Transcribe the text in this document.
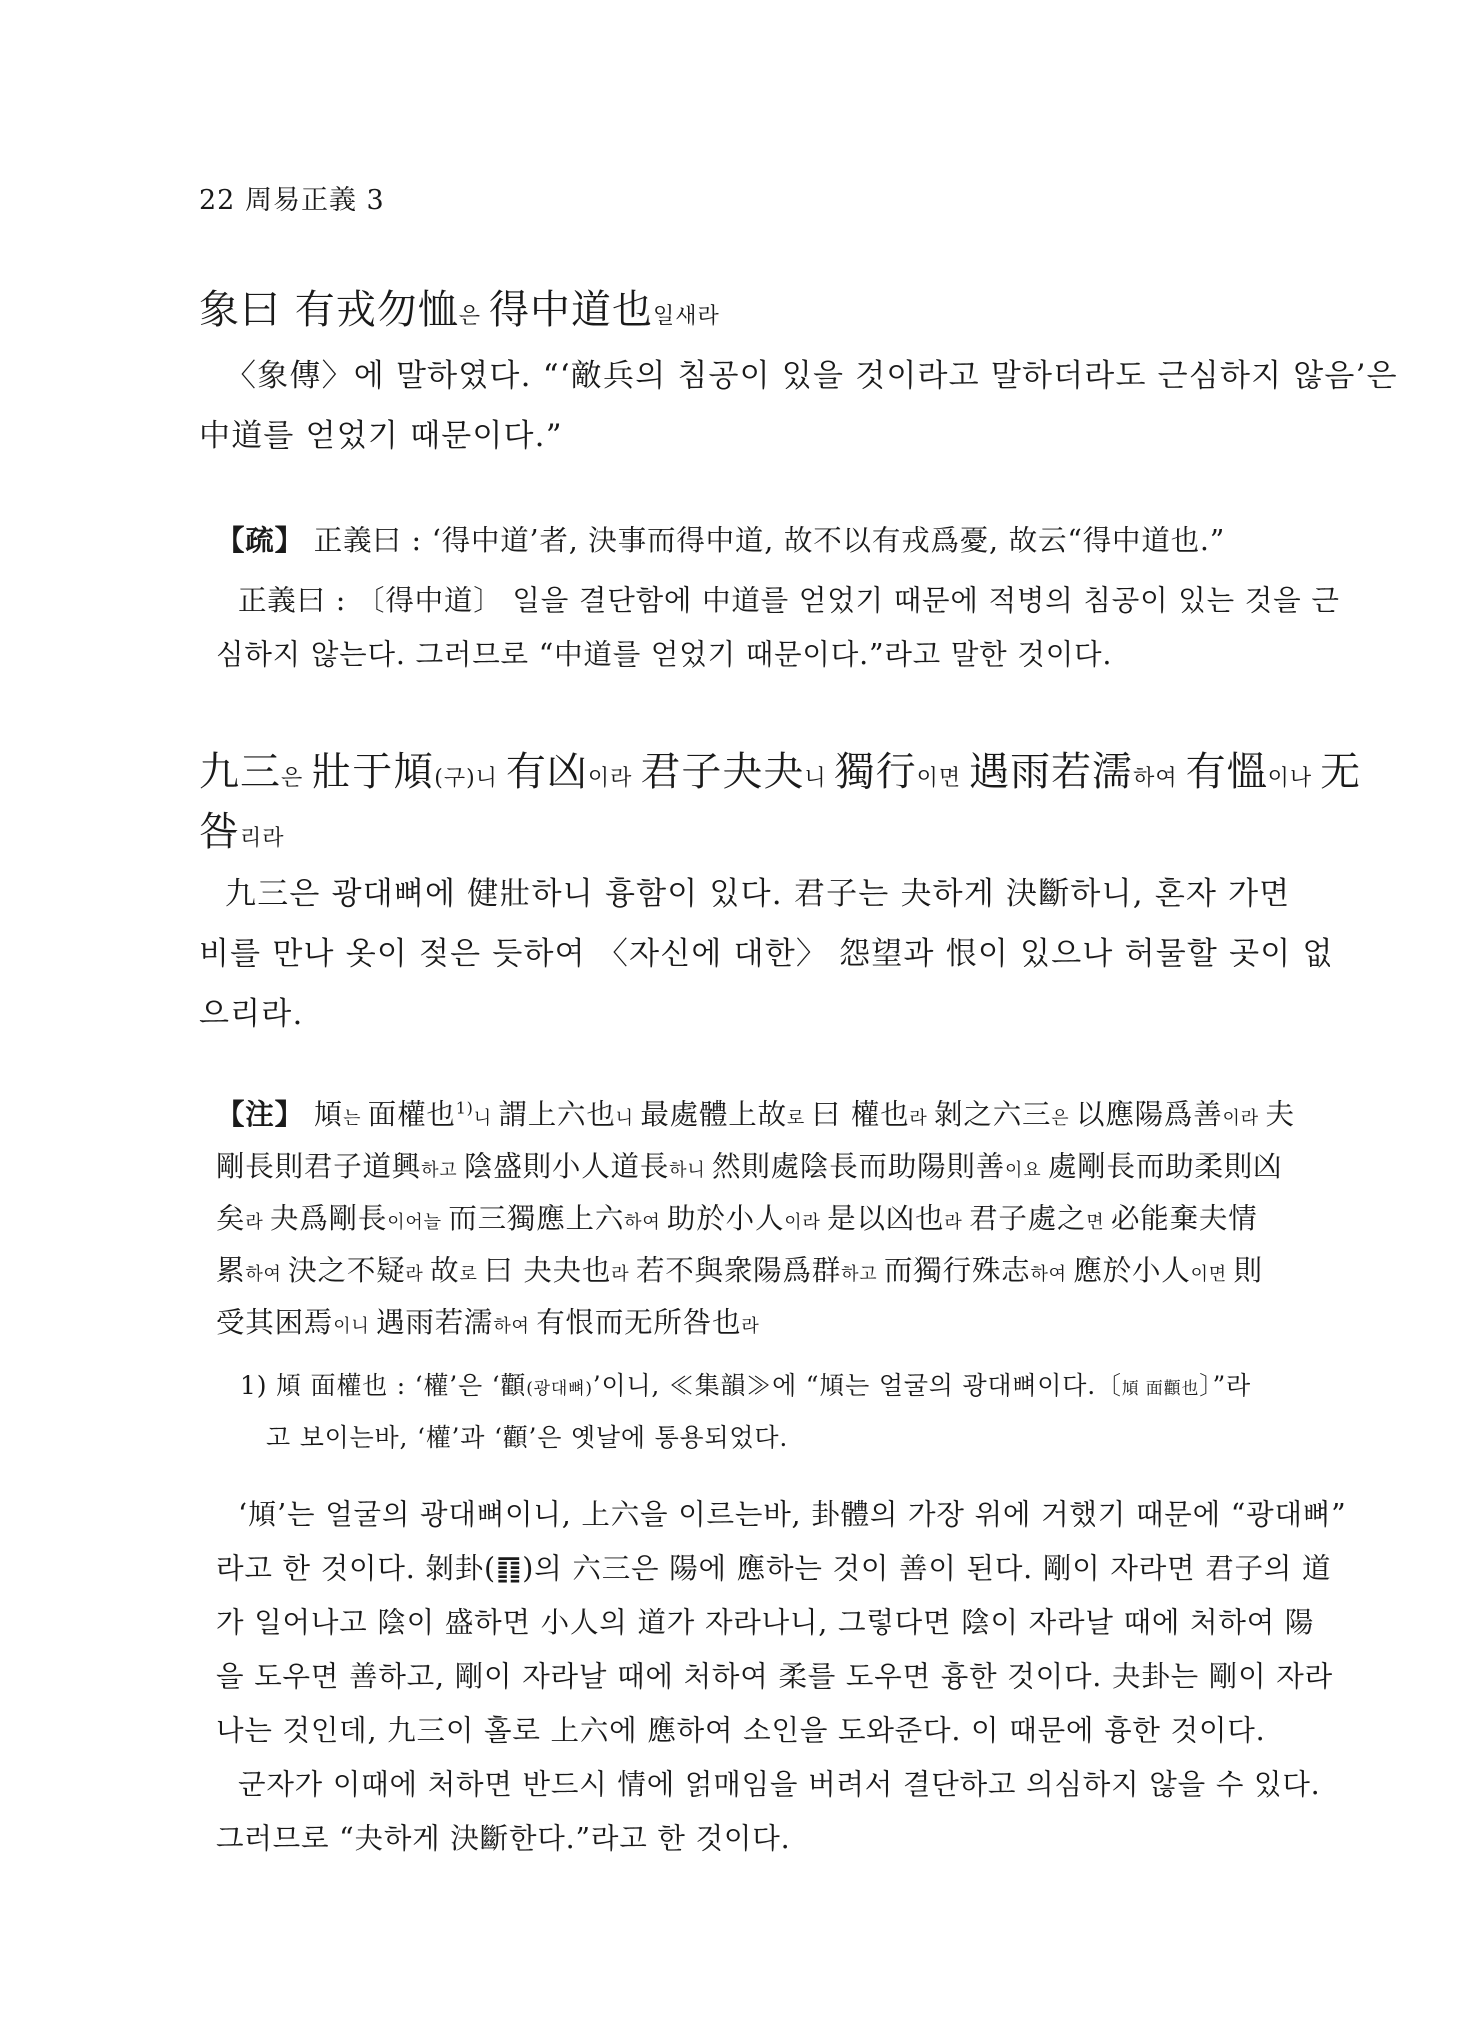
22 周易正義 3
象曰 有戎勿恤은 得中道也일새라
〈象傳〉에 말하였다. “‘敵兵의 침공이 있을 것이라고 말하더라도 근심하지 않음’은
中道를 얻었기 때문이다.”
【疏】 正義曰 : ‘得中道’者, 決事而得中道, 故不以有戎爲憂, 故云“得中道也.”
正義曰 : 〔得中道〕 일을 결단함에 中道를 얻었기 때문에 적병의 침공이 있는 것을 근
심하지 않는다. 그러므로 “中道를 얻었기 때문이다.”라고 말한 것이다.
九三은 壯于頄(구)니 有凶이라 君子夬夬니 獨行이면 遇雨若濡하여 有慍이나 无
咎리라
九三은 광대뼈에 健壯하니 흉함이 있다. 君子는 夬하게 決斷하니, 혼자 가면
비를 만나 옷이 젖은 듯하여 〈자신에 대한〉 怨望과 恨이 있으나 허물할 곳이 없
으리라.
【注】 頄는 面權也$^{1)}$니 謂上六也니 最處體上故로 曰 權也라 剝之六三은 以應陽爲善이라 夫
剛長則君子道興하고 陰盛則小人道長하니 然則處陰長而助陽則善이요 處剛長而助柔則凶
矣라 夬爲剛長이어늘 而三獨應上六하여 助於小人이라 是以凶也라 君子處之면 必能棄夫情
累하여 決之不疑라 故로 曰 夬夬也라 若不與衆陽爲群하고 而獨行殊志하여 應於小人이면 則
受其困焉이니 遇雨若濡하여 有恨而无所咎也라
1) 頄 面權也 : ‘權’은 ‘顴(광대뼈)’이니, ≪集韻≫에 “頄는 얼굴의 광대뼈이다.〔頄 面顴也〕”라
고 보이는바, ‘權’과 ‘顴’은 옛날에 통용되었다.
‘頄’는 얼굴의 광대뼈이니, 上六을 이르는바, 卦體의 가장 위에 거했기 때문에 “광대뼈”
라고 한 것이다. 剝卦(䷖)의 六三은 陽에 應하는 것이 善이 된다. 剛이 자라면 君子의 道
가 일어나고 陰이 盛하면 小人의 道가 자라나니, 그렇다면 陰이 자라날 때에 처하여 陽
을 도우면 善하고, 剛이 자라날 때에 처하여 柔를 도우면 흉한 것이다. 夬卦는 剛이 자라
나는 것인데, 九三이 홀로 上六에 應하여 소인을 도와준다. 이 때문에 흉한 것이다.
군자가 이때에 처하면 반드시 情에 얽매임을 버려서 결단하고 의심하지 않을 수 있다.
그러므로 “夬하게 決斷한다.”라고 한 것이다.
